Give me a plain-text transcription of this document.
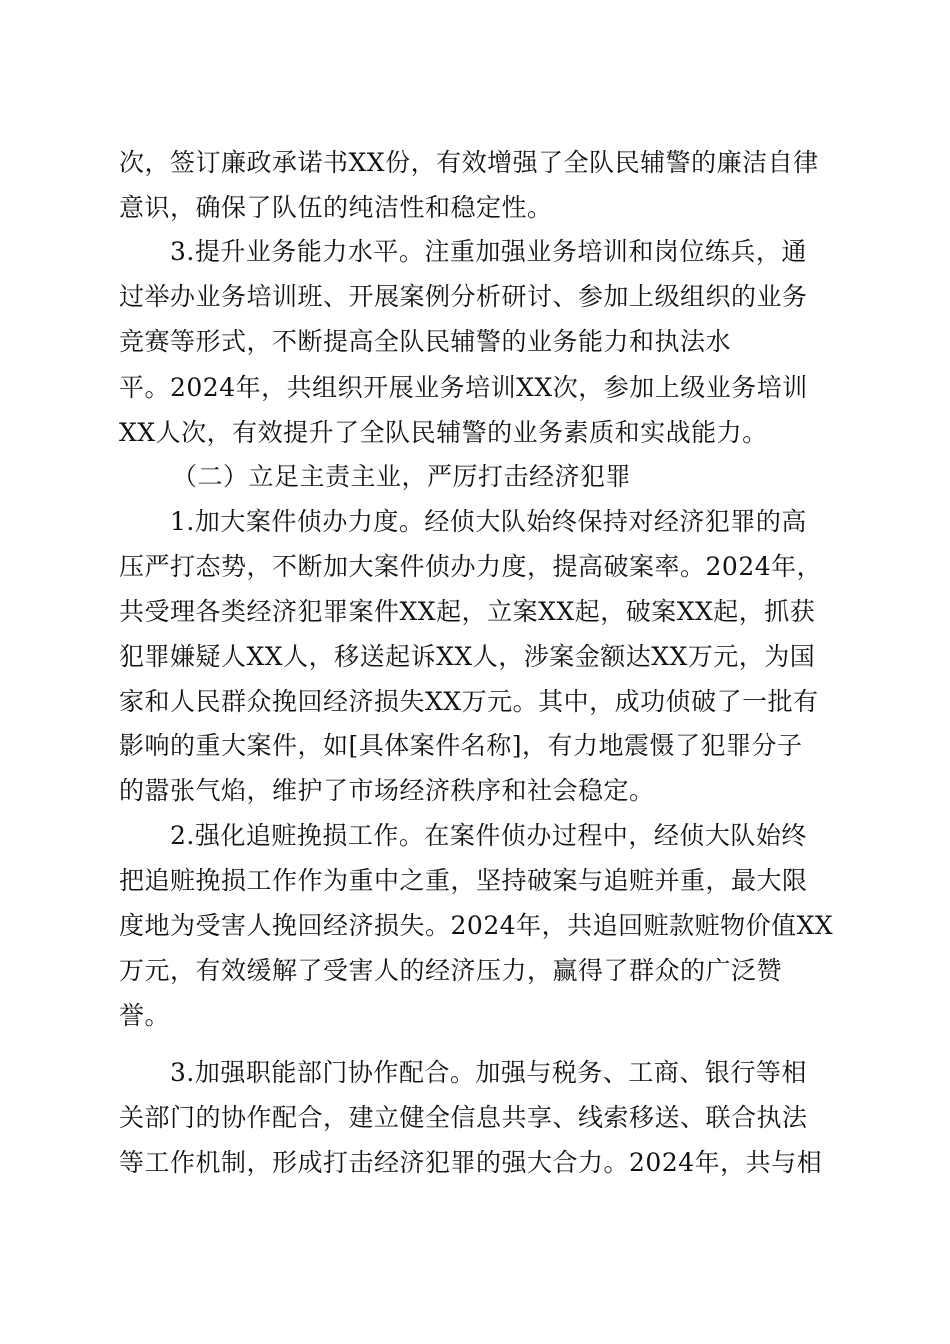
次，签订廉政承诺书XX份，有效增强了全队民辅警的廉洁自律
意识，确保了队伍的纯洁性和稳定性。
3.提升业务能力水平。注重加强业务培训和岗位练兵，通
过举办业务培训班、开展案例分析研讨、参加上级组织的业务
竞赛等形式，不断提高全队民辅警的业务能力和执法水
平。2024年，共组织开展业务培训XX次，参加上级业务培训
XX人次，有效提升了全队民辅警的业务素质和实战能力。
（二）立足主责主业，严厉打击经济犯罪
1.加大案件侦办力度。经侦大队始终保持对经济犯罪的高
压严打态势，不断加大案件侦办力度，提高破案率。2024年，
共受理各类经济犯罪案件XX起，立案XX起，破案XX起，抓获
犯罪嫌疑人XX人，移送起诉XX人，涉案金额达XX万元，为国
家和人民群众挽回经济损失XX万元。其中，成功侦破了一批有
影响的重大案件，如[具体案件名称]，有力地震慑了犯罪分子
的嚣张气焰，维护了市场经济秩序和社会稳定。
2.强化追赃挽损工作。在案件侦办过程中，经侦大队始终
把追赃挽损工作作为重中之重，坚持破案与追赃并重，最大限
度地为受害人挽回经济损失。2024年，共追回赃款赃物价值XX
万元，有效缓解了受害人的经济压力，赢得了群众的广泛赞
誉。
3.加强职能部门协作配合。加强与税务、工商、银行等相
关部门的协作配合，建立健全信息共享、线索移送、联合执法
等工作机制，形成打击经济犯罪的强大合力。2024年，共与相
